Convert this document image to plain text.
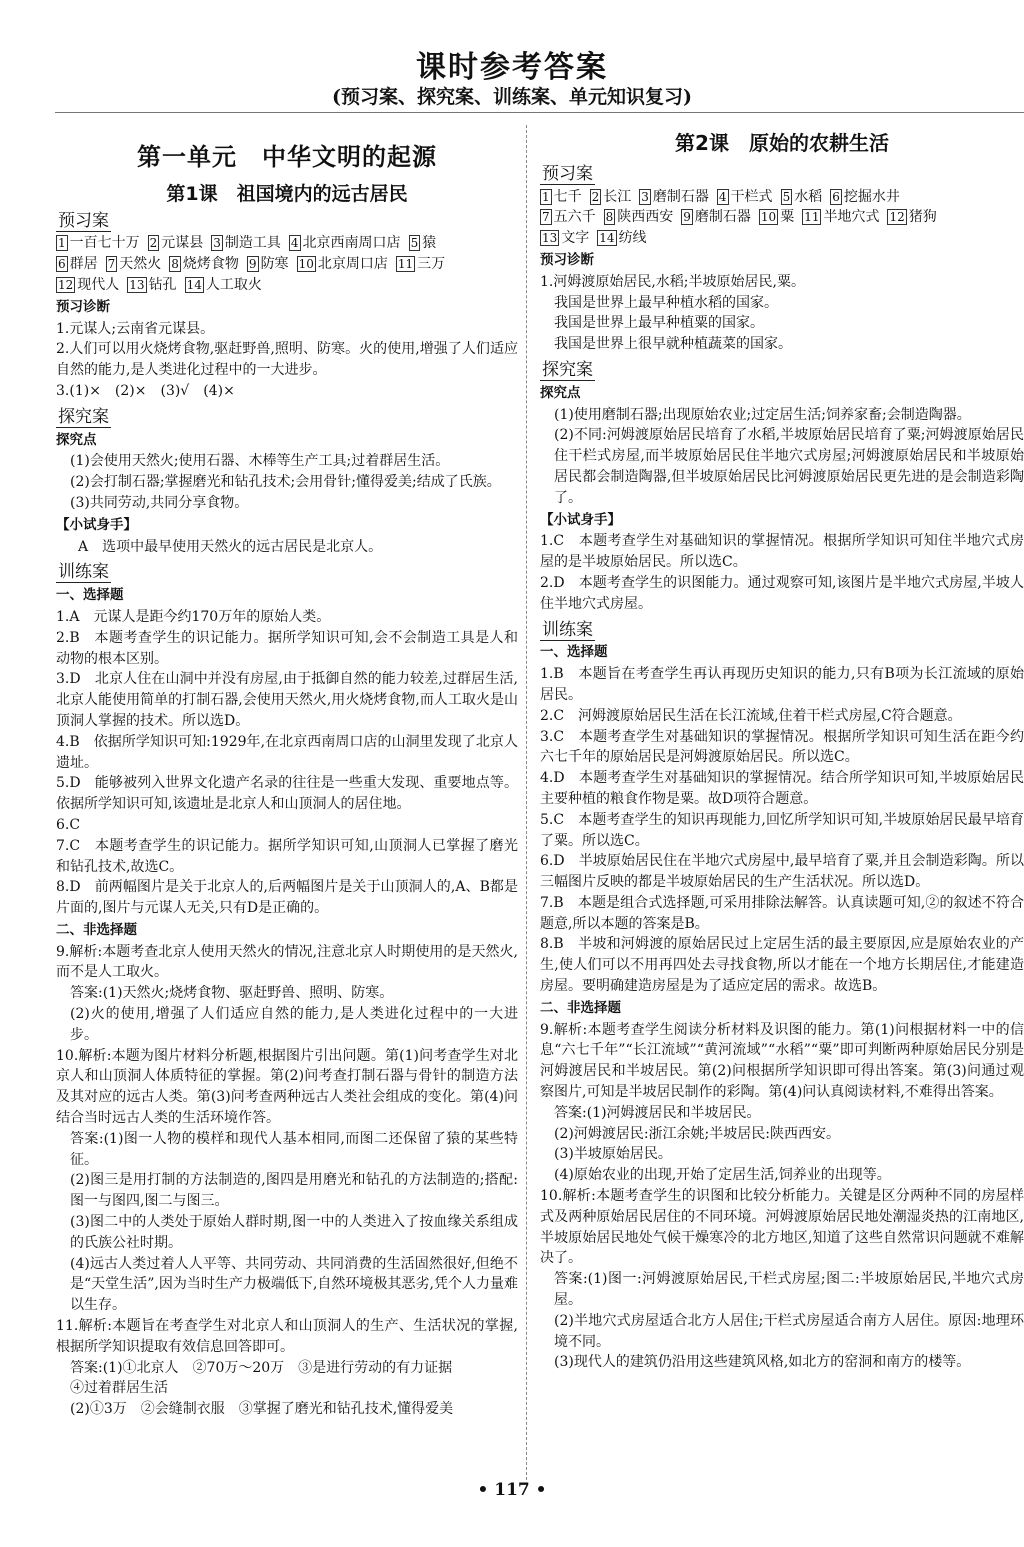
课时参考答案
(预习案、探究案、训练案、单元知识复习)
第一单元　中华文明的起源
第1课　祖国境内的远古居民
预习案
1 一百七十万 2 元谋县 3 制造工具 4 北京西南周口店 5 猿
6 群居 7 天然火 8 烧烤食物 9 防寒 10 北京周口店 11 三万
12 现代人 13 钻孔 14 人工取火
预习诊断

1.元谋人;云南省元谋县。

2.人们可以用火烧烤食物,驱赶野兽,照明、防寒。火的使用,增强了人们适应自然的能力,是人类进化过程中的一大进步。

3.(1)×　(2)×　(3)√　(4)×

探究案
探究点

(1)会使用天然火;使用石器、木棒等生产工具;过着群居生活。

(2)会打制石器;掌握磨光和钻孔技术;会用骨针;懂得爱美;结成了氏族。

(3)共同劳动,共同分享食物。

【小试身手】

A　选项中最早使用天然火的远古居民是北京人。

训练案
一、选择题

1.A　元谋人是距今约170万年的原始人类。

2.B　本题考查学生的识记能力。据所学知识可知,会不会制造工具是人和动物的根本区别。

3.D　北京人住在山洞中并没有房屋,由于抵御自然的能力较差,过群居生活,北京人能使用简单的打制石器,会使用天然火,用火烧烤食物,而人工取火是山顶洞人掌握的技术。所以选D。

4.B　依据所学知识可知:1929年,在北京西南周口店的山洞里发现了北京人遗址。

5.D　能够被列入世界文化遗产名录的往往是一些重大发现、重要地点等。依据所学知识可知,该遗址是北京人和山顶洞人的居住地。

6.C

7.C　本题考查学生的识记能力。据所学知识可知,山顶洞人已掌握了磨光和钻孔技术,故选C。

8.D　前两幅图片是关于北京人的,后两幅图片是关于山顶洞人的,A、B都是片面的,图片与元谋人无关,只有D是正确的。

二、非选择题

9.解析:本题考查北京人使用天然火的情况,注意北京人时期使用的是天然火,而不是人工取火。

答案:(1)天然火;烧烤食物、驱赶野兽、照明、防寒。

(2)火的使用,增强了人们适应自然的能力,是人类进化过程中的一大进步。

10.解析:本题为图片材料分析题,根据图片引出问题。第(1)问考查学生对北京人和山顶洞人体质特征的掌握。第(2)问考查打制石器与骨针的制造方法及其对应的远古人类。第(3)问考查两种远古人类社会组成的变化。第(4)问结合当时远古人类的生活环境作答。

答案:(1)图一人物的模样和现代人基本相同,而图二还保留了猿的某些特征。

(2)图三是用打制的方法制造的,图四是用磨光和钻孔的方法制造的;搭配:图一与图四,图二与图三。

(3)图二中的人类处于原始人群时期,图一中的人类进入了按血缘关系组成的氏族公社时期。

(4)远古人类过着人人平等、共同劳动、共同消费的生活固然很好,但绝不是“天堂生活”,因为当时生产力极端低下,自然环境极其恶劣,凭个人力量难以生存。

11.解析:本题旨在考查学生对北京人和山顶洞人的生产、生活状况的掌握,根据所学知识提取有效信息回答即可。

答案:(1)①北京人　②70万～20万　③是进行劳动的有力证据

④过着群居生活

(2)①3万　②会缝制衣服　③掌握了磨光和钻孔技术,懂得爱美

第2课　原始的农耕生活
预习案
1 七千 2 长江 3 磨制石器 4 干栏式 5 水稻 6 挖掘水井
7 五六千 8 陕西西安 9 磨制石器 10 粟 11 半地穴式 12 猪狗
13 文字 14 纺线
预习诊断

1.河姆渡原始居民,水稻;半坡原始居民,粟。

我国是世界上最早种植水稻的国家。

我国是世界上最早种植粟的国家。

我国是世界上很早就种植蔬菜的国家。

探究案
探究点

(1)使用磨制石器;出现原始农业;过定居生活;饲养家畜;会制造陶器。

(2)不同:河姆渡原始居民培育了水稻,半坡原始居民培育了粟;河姆渡原始居民住干栏式房屋,而半坡原始居民住半地穴式房屋;河姆渡原始居民和半坡原始居民都会制造陶器,但半坡原始居民比河姆渡原始居民更先进的是会制造彩陶了。

【小试身手】

1.C　本题考查学生对基础知识的掌握情况。根据所学知识可知住半地穴式房屋的是半坡原始居民。所以选C。

2.D　本题考查学生的识图能力。通过观察可知,该图片是半地穴式房屋,半坡人住半地穴式房屋。

训练案
一、选择题

1.B　本题旨在考查学生再认再现历史知识的能力,只有B项为长江流域的原始居民。

2.C　河姆渡原始居民生活在长江流域,住着干栏式房屋,C符合题意。

3.C　本题考查学生对基础知识的掌握情况。根据所学知识可知生活在距今约六七千年的原始居民是河姆渡原始居民。所以选C。

4.D　本题考查学生对基础知识的掌握情况。结合所学知识可知,半坡原始居民主要种植的粮食作物是粟。故D项符合题意。

5.C　本题考查学生的知识再现能力,回忆所学知识可知,半坡原始居民最早培育了粟。所以选C。

6.D　半坡原始居民住在半地穴式房屋中,最早培育了粟,并且会制造彩陶。所以三幅图片反映的都是半坡原始居民的生产生活状况。所以选D。

7.B　本题是组合式选择题,可采用排除法解答。认真读题可知,②的叙述不符合题意,所以本题的答案是B。

8.B　半坡和河姆渡的原始居民过上定居生活的最主要原因,应是原始农业的产生,使人们可以不用再四处去寻找食物,所以才能在一个地方长期居住,才能建造房屋。要明确建造房屋是为了适应定居的需求。故选B。

二、非选择题

9.解析:本题考查学生阅读分析材料及识图的能力。第(1)问根据材料一中的信息“六七千年”“长江流域”“黄河流域”“水稻”“粟”即可判断两种原始居民分别是河姆渡居民和半坡居民。第(2)问根据所学知识即可得出答案。第(3)问通过观察图片,可知是半坡居民制作的彩陶。第(4)问认真阅读材料,不难得出答案。

答案:(1)河姆渡居民和半坡居民。

(2)河姆渡居民:浙江余姚;半坡居民:陕西西安。

(3)半坡原始居民。

(4)原始农业的出现,开始了定居生活,饲养业的出现等。

10.解析:本题考查学生的识图和比较分析能力。关键是区分两种不同的房屋样式及两种原始居民居住的不同环境。河姆渡原始居民地处潮湿炎热的江南地区,半坡原始居民地处气候干燥寒冷的北方地区,知道了这些自然常识问题就不难解决了。

答案:(1)图一:河姆渡原始居民,干栏式房屋;图二:半坡原始居民,半地穴式房屋。

(2)半地穴式房屋适合北方人居住;干栏式房屋适合南方人居住。原因:地理环境不同。

(3)现代人的建筑仍沿用这些建筑风格,如北方的窑洞和南方的楼等。

• 117 •
